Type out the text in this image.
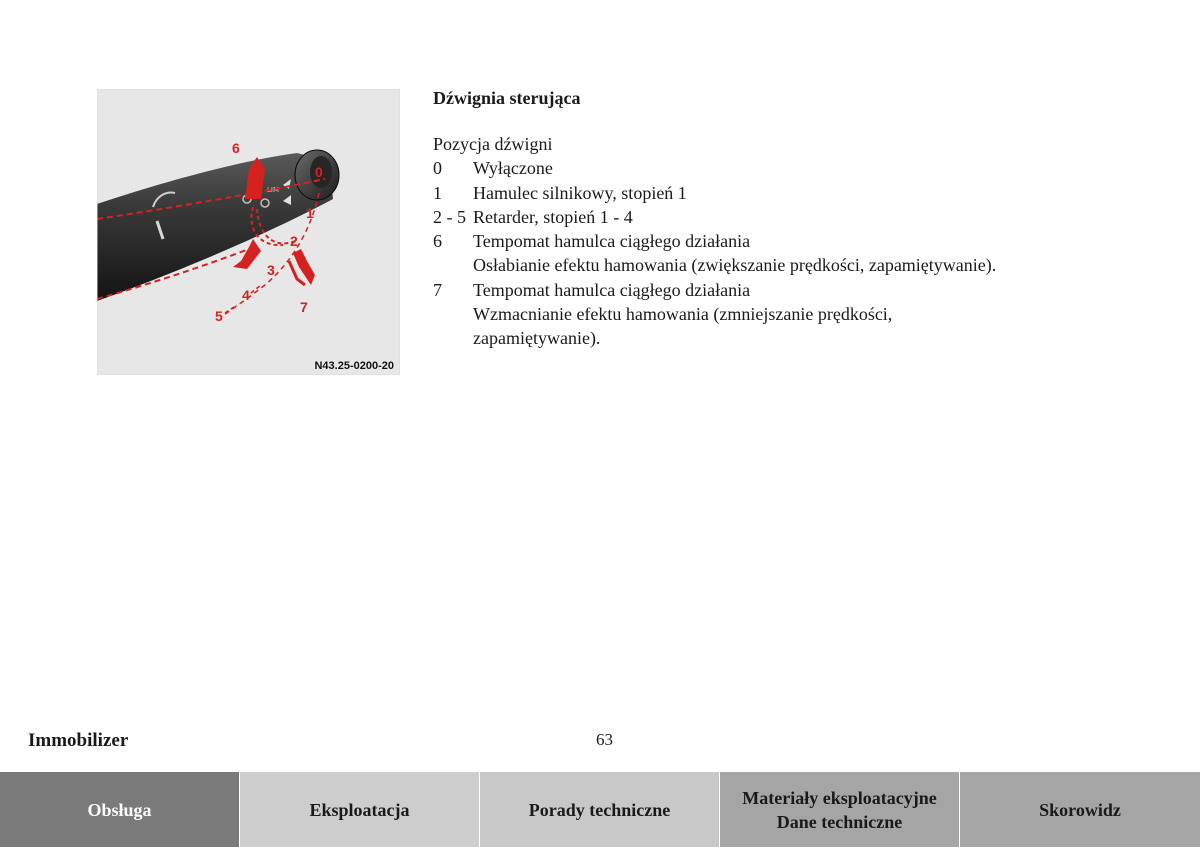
LIM
6
0
1
2
3
4
5
7
N43.25-0200-20
Dźwignia sterująca
Pozycja dźwigni
0	Wyłączone
1	Hamulec silnikowy, stopień 1
2 - 5 Retarder, stopień 1 - 4
6	Tempomat hamulca ciągłego działania
Osłabianie efektu hamowania (zwiększanie prędkości, zapamiętywanie).
7	Tempomat hamulca ciągłego działania
Wzmacnianie efektu hamowania (zmniejszanie prędkości,
zapamiętywanie).
Immobilizer	63
Obsługa	Eksploatacja	Porady techniczne
Materiały eksploatacyjne
Dane techniczne
Skorowidz
